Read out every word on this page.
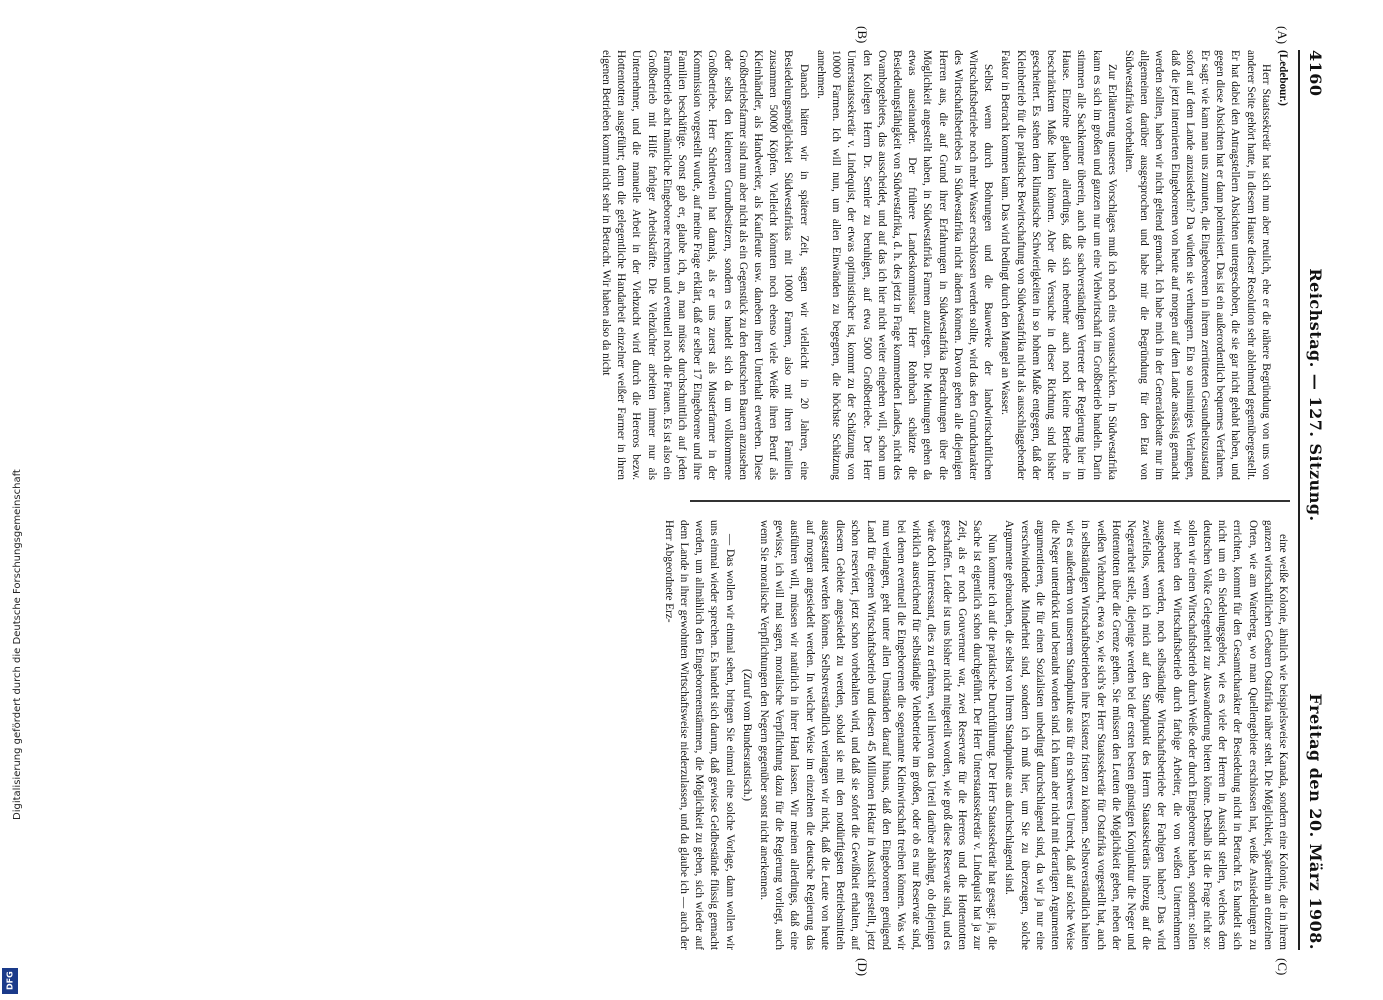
4160
Reichstag. — 127. Sitzung.
Freitag den 20. März 1908.
(A)
(B)
(C)
(D)

(Ledebour.)

Herr Staatssekretär hat sich nun aber neulich, ehe er die nähere Begründung von uns von anderer Seite gehört hatte, in diesem Hause dieser Resolution sehr ablehnend gegenübergestellt. Er hat dabei den Antragstellern Absichten untergeschoben, die sie gar nicht gehabt haben, und gegen diese Absichten hat er dann polemisiert. Das ist ein außerordentlich bequemes Verfahren. Er sagt: wie kann man uns zumuten, die Eingeborenen in ihrem zerrütteten Gesundheitszustand sofort auf dem Lande anzusiedeln? Da würden sie verhungern. Ein so unsinniges Verlangen, daß die jetzt internierten Eingeborenen von heute auf morgen auf dem Lande ansässig gemacht werden sollten, haben wir nicht geltend gemacht. Ich habe mich in der Generaldebatte nur im allgemeinen darüber ausgesprochen und habe mir die Begründung für den Etat von Südwestafrika vorbehalten.

Zur Erläuterung unseres Vorschlages muß ich noch eins vorausschicken. In Südwestafrika kann es sich im großen und ganzen nur um eine Viehwirtschaft im Großbetrieb handeln. Darin stimmen alle Sachkenner überein, auch die sachverständigen Vertreter der Regierung hier im Hause. Einzelne glauben allerdings, daß sich nebenher auch noch kleine Betriebe in beschränktem Maße halten können. Aber die Versuche in dieser Richtung sind bisher gescheitert. Es stehen dem klimatische Schwierigkeiten in so hohem Maße entgegen, daß der Kleinbetrieb für die praktische Bewirtschaftung von Südwestafrika nicht als ausschlaggebender Faktor in Betracht kommen kann. Das wird bedingt durch den Mangel an Wasser.

Selbst wenn durch Bohrungen und die Bauwerke der landwirtschaftlichen Wirtschaftsbetriebe noch mehr Wasser erschlossen werden sollte, wird das den Grundcharakter des Wirtschaftsbetriebes in Südwestafrika nicht ändern können. Davon gehen alle diejenigen Herren aus, die auf Grund ihrer Erfahrungen in Südwestafrika Betrachtungen über die Möglichkeit angestellt haben, in Südwestafrika Farmen anzulegen. Die Meinungen gehen da etwas auseinander. Der frühere Landeskommissar Herr Rohrbach schätzte die Besiedelungsfähigkeit von Südwestafrika, d. h. des jetzt in Frage kommenden Landes, nicht des Ovambogebietes, das ausscheidet, und auf das ich hier nicht weiter eingehen will, schon um den Kollegen Herrn Dr. Semler zu beruhigen, auf etwa 5000 Großbetriebe. Der Herr Unterstaatssekretär v. Lindequist, der etwas optimistischer ist, kommt zu der Schätzung von 10000 Farmen. Ich will nun, um allen Einwänden zu begegnen, die höchste Schätzung annehmen.

Danach hätten wir in späterer Zeit, sagen wir vielleicht in 20 Jahren, eine Besiedelungsmöglichkeit Südwestafrikas mit 10000 Farmen, also mit ihren Familien zusammen 50000 Köpfen. Vielleicht könnten noch ebenso viele Weiße ihren Beruf als Kleinhändler, als Handwerker, als Kaufleute usw. daneben ihren Unterhalt erwerben. Diese Großbetriebsfarmer sind nun aber nicht als ein Gegenstück zu den deutschen Bauern anzusehen oder selbst den kleineren Grundbesitzern, sondern es handelt sich da um vollkommene Großbetriebe. Herr Schlettwein hat damals, als er uns zuerst als Musterfarmer in der Kommission vorgestellt wurde, auf meine Frage erklärt, daß er selber 17 Eingeborene und ihre Familien beschäftige. Sonst gab er, glaube ich, an, man müsse durchschnittlich auf jeden Farmbetrieb acht männliche Eingeborene rechnen und eventuell noch die Frauen. Es ist also ein Großbetrieb mit Hilfe farbiger Arbeitskräfte. Die Viehzüchter arbeiten immer nur als Unternehmer, und die manuelle Arbeit in der Viehzucht wird durch die Hereros bezw. Hottentotten ausgeführt; denn die gelegentliche Handarbeit einzelner weißer Farmer in ihren eigenen Betrieben kommt nicht sehr in Betracht. Wir haben also da nicht

eine weiße Kolonie, ähnlich wie beispielsweise Kanada, sondern eine Kolonie, die in ihrem ganzen wirtschaftlichen Gebaren Ostafrika näher steht. Die Möglichkeit, späterhin an einzelnen Orten, wie am Waterberg, wo man Quellengebiete erschlossen hat, weiße Ansiedelungen zu errichten, kommt für den Gesamtcharakter der Besiedelung nicht in Betracht. Es handelt sich nicht um ein Siedelungsgebiet, wie es viele der Herren in Aussicht stellen, welches dem deutschen Volke Gelegenheit zur Auswanderung bieten könne. Deshalb ist die Frage nicht so: sollen wir einen Wirtschaftsbetrieb durch Weiße oder durch Eingeborene haben, sondern: sollen wir neben den Wirtschaftsbetrieb durch farbige Arbeiter, die von weißen Unternehmern ausgebeutet werden, noch selbständige Wirtschaftsbetriebe der Farbigen haben? Das wird zweifellos, wenn ich mich auf den Standpunkt des Herrn Staatssekretärs inbezug auf die Negerarbeit stelle, diejenige werden bei der ersten besten günstigen Konjunktur die Neger und Hottentotten über die Grenze gehen. Sie müssen den Leuten die Möglichkeit geben, neben der weißen Viehzucht, etwa so, wie sich's der Herr Staatssekretär für Ostafrika vorgestellt hat, auch in selbständigen Wirtschaftsbetrieben ihre Existenz fristen zu können. Selbstverständlich halten wir es außerdem von unserem Standpunkte aus für ein schweres Unrecht, daß auf solche Weise die Neger unterdrückt und beraubt worden sind. Ich kann aber nicht mit derartigen Argumenten argumentieren, die für einen Sozialisten unbedingt durchschlagend sind, da wir ja nur eine verschwindende Minderheit sind, sondern ich muß hier, um Sie zu überzeugen, solche Argumente gebrauchen, die selbst von Ihrem Standpunkte aus durchschlagend sind.

Nun komme ich auf die praktische Durchführung. Der Herr Staatssekretär hat gesagt: ja, die Sache ist eigentlich schon durchgeführt. Der Herr Unterstaatssekretär v. Lindequist hat ja zur Zeit, als er noch Gouverneur war, zwei Reservate für die Hereros und die Hottentotten geschaffen. Leider ist uns bisher nicht mitgeteilt worden, wie groß diese Reservate sind, und es wäre doch interessant, dies zu erfahren, weil hiervon das Urteil darüber abhängt, ob diejenigen wirklich ausreichend für selbständige Viehbetriebe im großen, oder ob es nur Reservate sind, bei denen eventuell die Eingeborenen die sogenannte Kleinwirtschaft treiben können. Was wir nun verlangen, geht unter allen Umständen darauf hinaus, daß den Eingeborenen genügend Land für eigenen Wirtschaftsbetrieb und diesen 45 Millionen Hektar in Aussicht gestellt, jetzt schon reserviert, jetzt schon vorbehalten wird, und daß sie sofort die Gewißheit erhalten, auf diesem Gebiete angesiedelt zu werden, sobald sie mit den notdürftigsten Betriebsmitteln ausgestattet werden können. Selbstverständlich verlangen wir nicht, daß die Leute von heute auf morgen angesiedelt werden. In welcher Weise im einzelnen die deutsche Regierung das ausführen will, müssen wir natürlich in ihrer Hand lassen. Wir meinen allerdings, daß eine gewisse, ich will mal sagen, moralische Verpflichtung dazu für die Regierung vorliegt, auch wenn Sie moralische Verpflichtungen den Negern gegenüber sonst nicht anerkennen.

(Zuruf vom Bundesratstisch.)

— Das wollen wir einmal sehen, bringen Sie einmal eine solche Vorlage, dann wollen wir uns einmal wieder sprechen. Es handelt sich darum, daß gewisse Geldbestände flüssig gemacht werden, um allmählich den Eingeborenenstämmen, die Möglichkeit zu geben, sich wieder auf dem Lande in ihrer gewohnten Wirtschaftsweise niederzulassen, und da glaube ich — auch der Herr Abgeordnete Erz-

Digitalisierung gefördert durch die Deutsche Forschungsgemeinschaft
DFG
